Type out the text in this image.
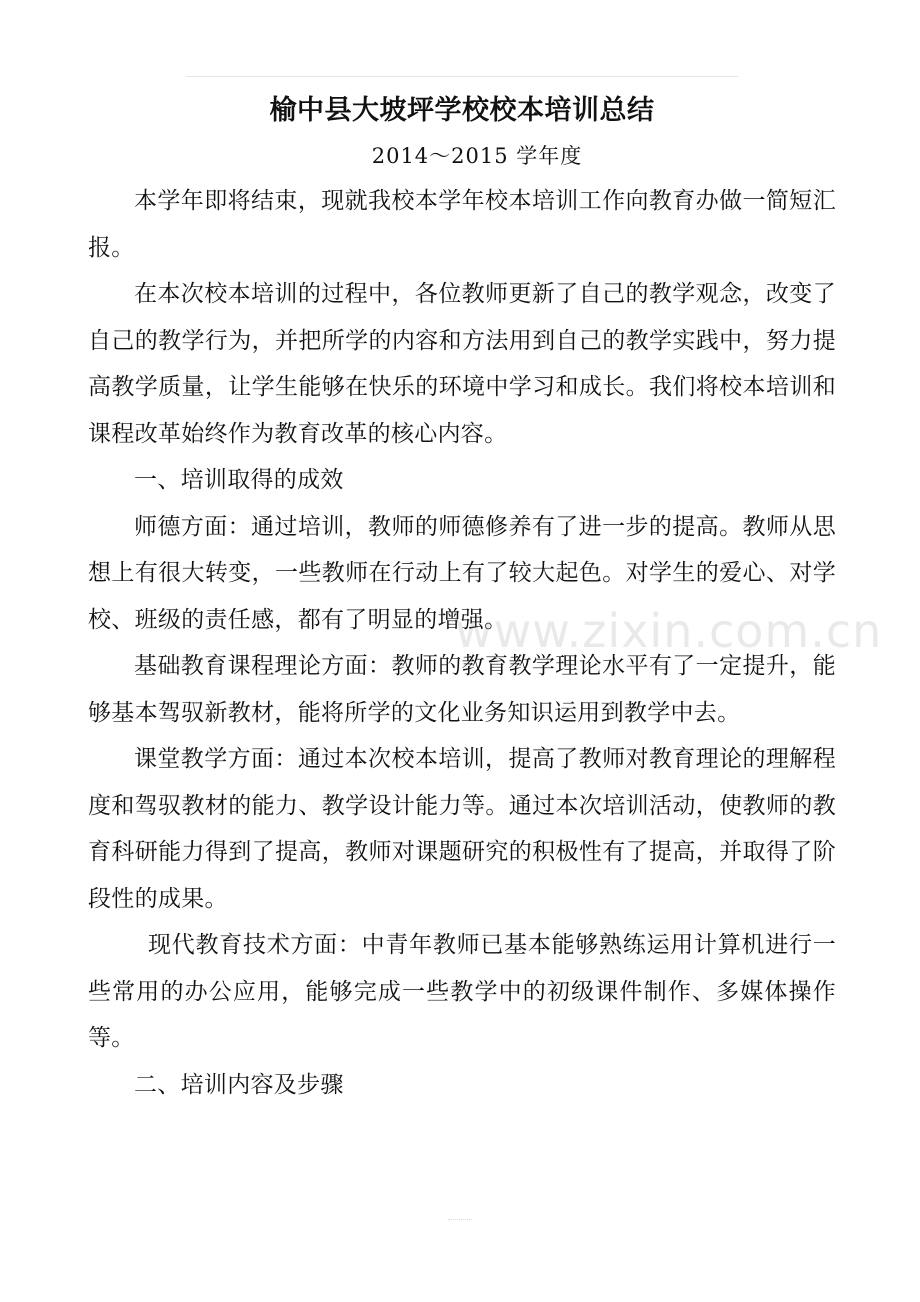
榆中县大坡坪学校校本培训总结

2014～2015 学年度

本学年即将结束，现就我校本学年校本培训工作向教育办做一简短汇报。

在本次校本培训的过程中，各位教师更新了自己的教学观念，改变了自己的教学行为，并把所学的内容和方法用到自己的教学实践中，努力提高教学质量，让学生能够在快乐的环境中学习和成长。我们将校本培训和课程改革始终作为教育改革的核心内容。

一、培训取得的成效

师德方面：通过培训，教师的师德修养有了进一步的提高。教师从思想上有很大转变，一些教师在行动上有了较大起色。对学生的爱心、对学校、班级的责任感，都有了明显的增强。

基础教育课程理论方面：教师的教育教学理论水平有了一定提升，能够基本驾驭新教材，能将所学的文化业务知识运用到教学中去。

课堂教学方面：通过本次校本培训，提高了教师对教育理论的理解程度和驾驭教材的能力、教学设计能力等。通过本次培训活动，使教师的教育科研能力得到了提高，教师对课题研究的积极性有了提高，并取得了阶段性的成果。

现代教育技术方面：中青年教师已基本能够熟练运用计算机进行一些常用的办公应用，能够完成一些教学中的初级课件制作、多媒体操作等。

二、培训内容及步骤

www.zixin.com.cn
